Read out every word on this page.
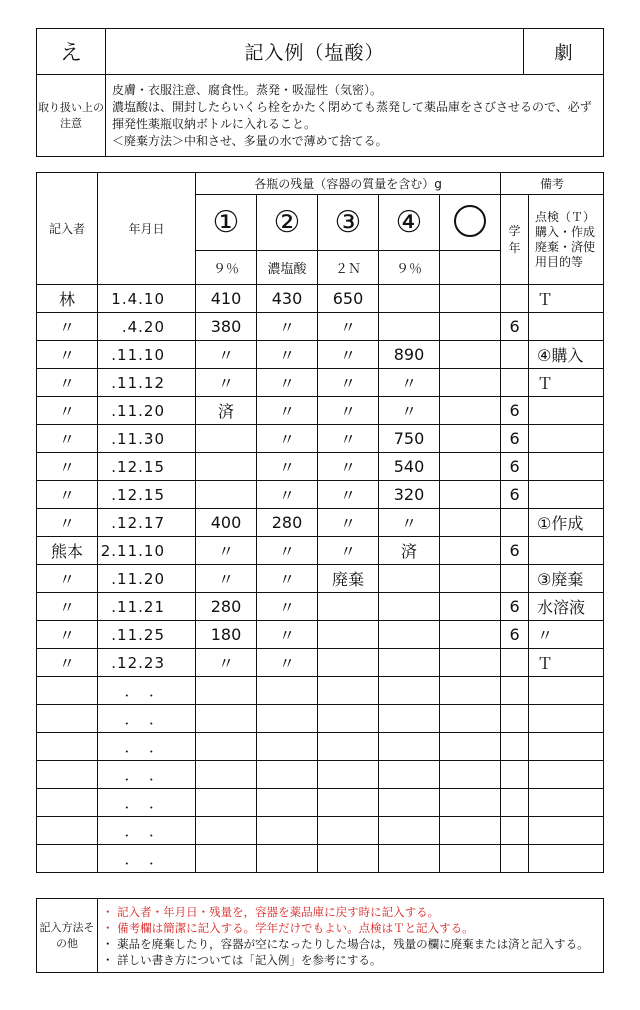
え	記入例（塩酸）	劇
取り扱い上の注意	皮膚・衣服注意、腐食性。蒸発・吸湿性（気密）。
濃塩酸は、開封したらいくら栓をかたく閉めても蒸発して薬品庫をさびさせるので、必ず揮発性薬瓶収納ボトルに入れること。
＜廃棄方法＞中和させ、多量の水で薄めて捨てる。	
記入者	年月日	各瓶の残量（容器の質量を含む）g					備考	
		①	②	③	④		学年	点検（Ｔ）購入・作成廃棄・済使用目的等
		９％	濃塩酸	２Ｎ	９％			
林	1.4.10	410	430	650				Ｔ
〃	.4.20	380	〃	〃			6	
〃	.11.10	〃	〃	〃	890			④購入
〃	.11.12	〃	〃	〃	〃			Ｔ
〃	.11.20	済	〃	〃	〃		6	
〃	.11.30		〃	〃	750		6	
〃	.12.15		〃	〃	540		6	
〃	.12.15		〃	〃	320		6	
〃	.12.17	400	280	〃	〃			①作成
熊本	2.11.10	〃	〃	〃	済		6	
〃	.11.20	〃	〃	廃棄				③廃棄
〃	.11.21	280	〃				6	水溶液
〃	.11.25	180	〃				6	〃
〃	.12.23	〃	〃					Ｔ
	．　．							
	．　．							
	．　．							
	．　．							
	．　．							
	．　．							
	．　．							
記入方法その他	
・ 記入者・年月日・残量を，容器を薬品庫に戻す時に記入する。
・ 備考欄は簡潔に記入する。学年だけでもよい。点検はＴと記入する。
・ 薬品を廃棄したり，容器が空になったりした場合は，残量の欄に廃棄または済と記入する。
・ 詳しい書き方については「記入例」を参考にする。
